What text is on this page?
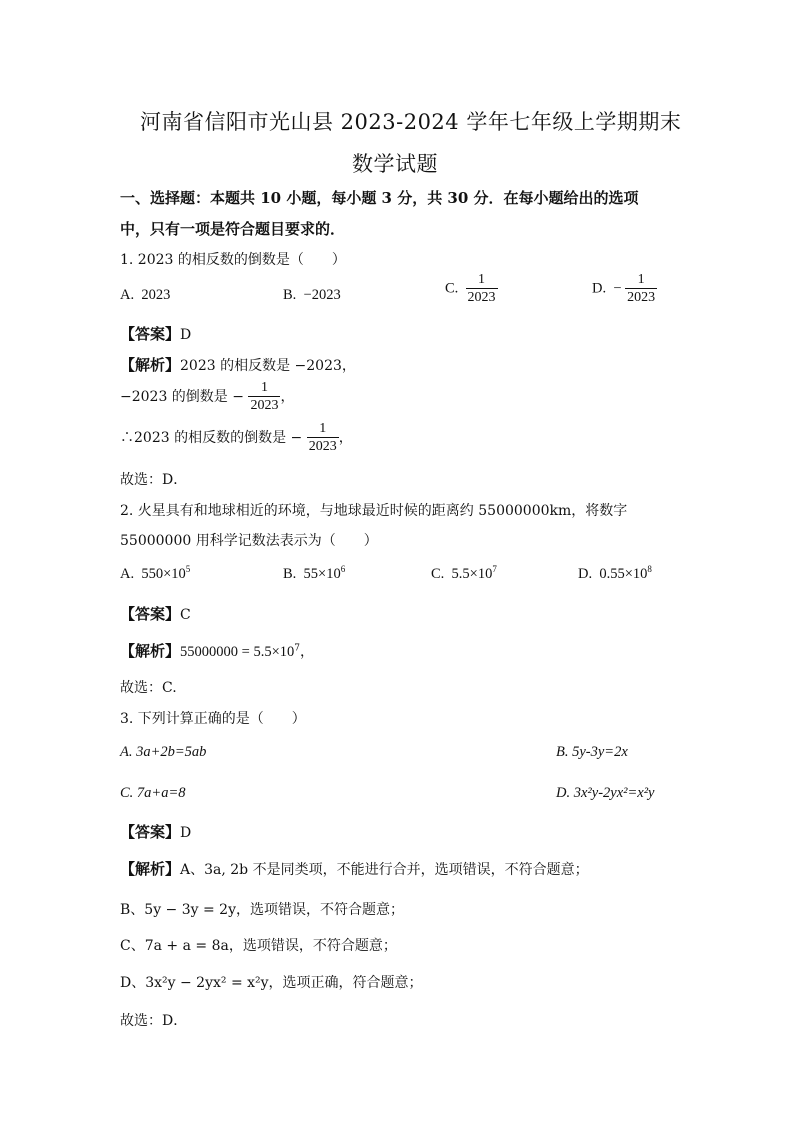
河南省信阳市光山县 2023-2024 学年七年级上学期期末
数学试题
一、选择题：本题共 10 小题，每小题 3 分，共 30 分．在每小题给出的选项
中，只有一项是符合题目要求的．
1. 2023 的相反数的倒数是（　　）
A. 2023	B. −2023	C. $\frac{1}{2023}$	D. − $\frac{1}{2023}$
【答案】D
【解析】2023 的相反数是 −2023，
−2023 的倒数是 − $\frac{1}{2023}$ ，
∴2023 的相反数的倒数是 − $\frac{1}{2023}$ ，
故选：D．
2. 火星具有和地球相近的环境，与地球最近时候的距离约 55000000km，将数字
55000000 用科学记数法表示为（　　）
A. $550\times 10^5$	B. $55\times 10^6$	C. $5.5\times 10^7$	D. $0.55\times 10^8$
【答案】C
【解析】$55000000 = 5.5\times 10^7$，
故选：C.
3. 下列计算正确的是（　　）
A. 3a+2b=5ab	B. 5y-3y=2x
C. 7a+a=8	D. 3x²y-2yx²=x²y
【答案】D
【解析】A、3a, 2b 不是同类项，不能进行合并，选项错误，不符合题意；
B、5y − 3y = 2y，选项错误，不符合题意；
C、7a + a = 8a，选项错误，不符合题意；
D、3x²y − 2yx² = x²y，选项正确，符合题意；
故选：D．
